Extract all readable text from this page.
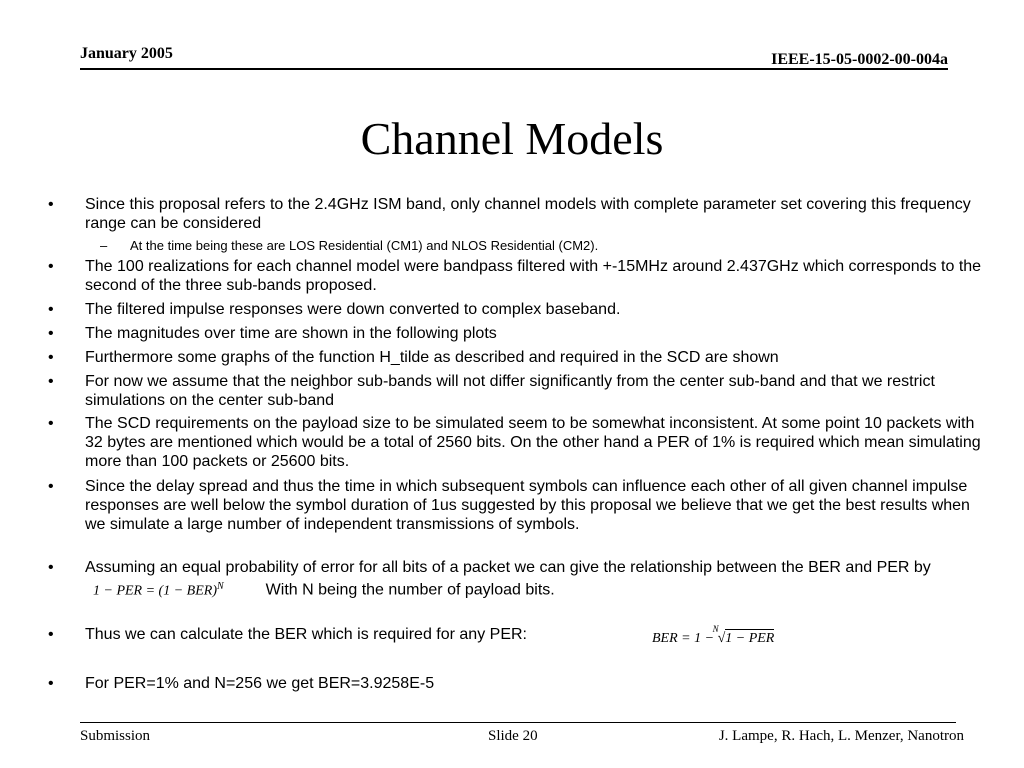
January 2005	IEEE-15-05-0002-00-004a
Channel Models
• Since this proposal refers to the 2.4GHz ISM band, only channel models with complete parameter set covering this frequency range can be considered
– At the time being these are LOS Residential (CM1) and NLOS Residential (CM2).
• The 100 realizations for each channel model were bandpass filtered with +-15MHz around 2.437GHz which corresponds to the second of the three sub-bands proposed.
• The filtered impulse responses were down converted to complex baseband.
• The magnitudes over time are shown in the following plots
• Furthermore some graphs of the function H_tilde as described and required in the SCD are shown
• For now we assume that the neighbor sub-bands will not differ significantly from the center sub-band and that we restrict simulations on the center sub-band
• The SCD requirements on the payload size to be simulated seem to be somewhat inconsistent. At some point 10 packets with 32 bytes are mentioned which would be a total of 2560 bits. On the other hand a PER of 1% is required which mean simulating more than 100 packets or 25600 bits.
• Since the delay spread and thus the time in which subsequent symbols can influence each other of all given channel impulse responses are well below the symbol duration of 1us suggested by this proposal we believe that we get the best results when we simulate a large number of independent transmissions of symbols.
• Assuming an equal probability of error for all bits of a packet we can give the relationship between the BER and PER by 1 − PER = (1 − BER)$^N$	With N being the number of payload bits.
• Thus we can calculate the BER which is required for any PER:	BER = 1 −
N
√1 − PER
• For PER=1% and N=256 we get BER=3.9258E-5
Submission	Slide 20	J. Lampe, R. Hach, L. Menzer, Nanotron
